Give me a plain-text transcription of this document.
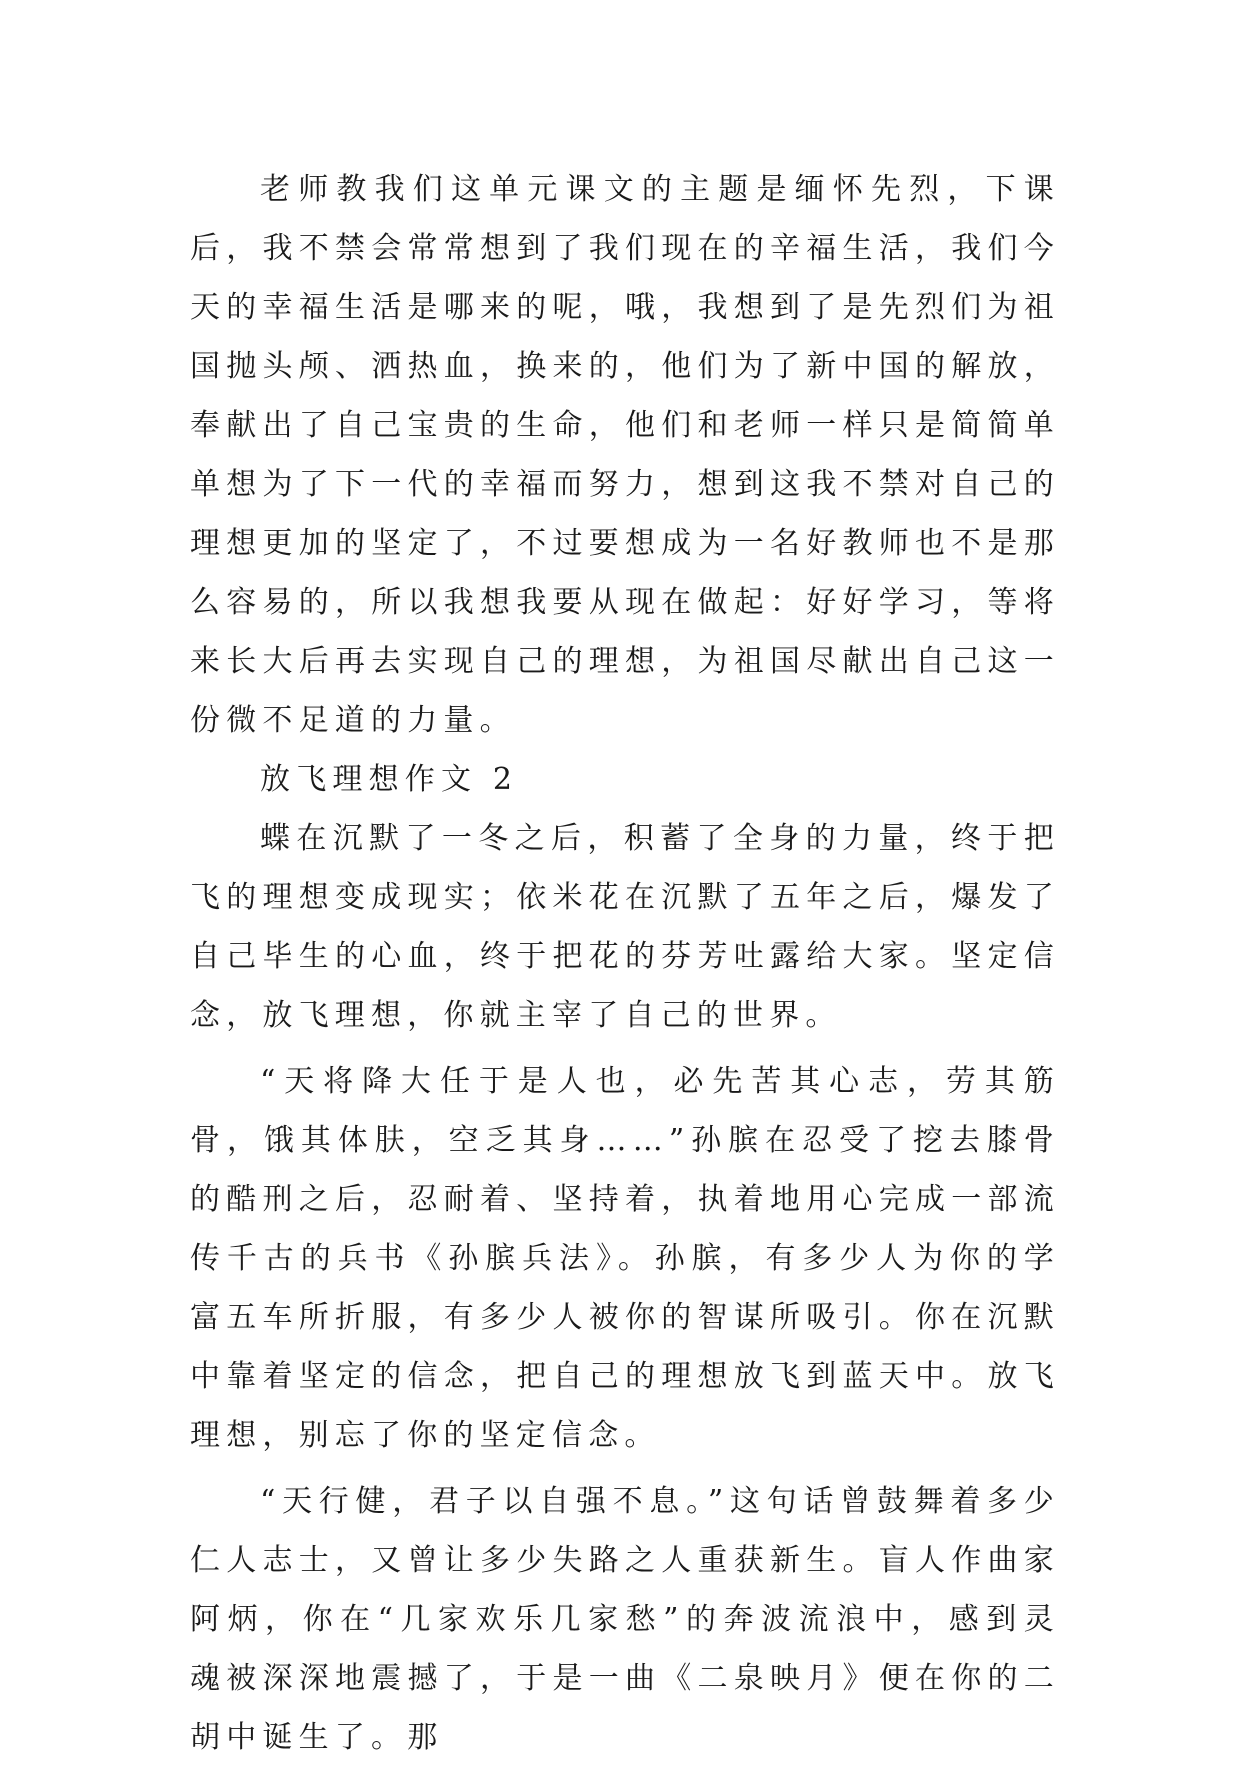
老师教我们这单元课文的主题是缅怀先烈，下课后，我不禁会常常想到了我们现在的辛福生活，我们今天的幸福生活是哪来的呢，哦，我想到了是先烈们为祖国抛头颅、洒热血，换来的，他们为了新中国的解放，奉献出了自己宝贵的生命，他们和老师一样只是简简单单想为了下一代的幸福而努力，想到这我不禁对自己的理想更加的坚定了，不过要想成为一名好教师也不是那么容易的，所以我想我要从现在做起：好好学习，等将来长大后再去实现自己的理想，为祖国尽献出自己这一份微不足道的力量。

放飞理想作文 2

蝶在沉默了一冬之后，积蓄了全身的力量，终于把飞的理想变成现实；依米花在沉默了五年之后，爆发了自己毕生的心血，终于把花的芬芳吐露给大家。坚定信念，放飞理想，你就主宰了自己的世界。

“天将降大任于是人也，必先苦其心志，劳其筋骨，饿其体肤，空乏其身……”孙膑在忍受了挖去膝骨的酷刑之后，忍耐着、坚持着，执着地用心完成一部流传千古的兵书《孙膑兵法》。孙膑，有多少人为你的学富五车所折服，有多少人被你的智谋所吸引。你在沉默中靠着坚定的信念，把自己的理想放飞到蓝天中。放飞理想，别忘了你的坚定信念。

“天行健，君子以自强不息。”这句话曾鼓舞着多少仁人志士，又曾让多少失路之人重获新生。盲人作曲家阿炳，你在“几家欢乐几家愁”的奔波流浪中，感到灵魂被深深地震撼了，于是一曲《二泉映月》便在你的二胡中诞生了。那
